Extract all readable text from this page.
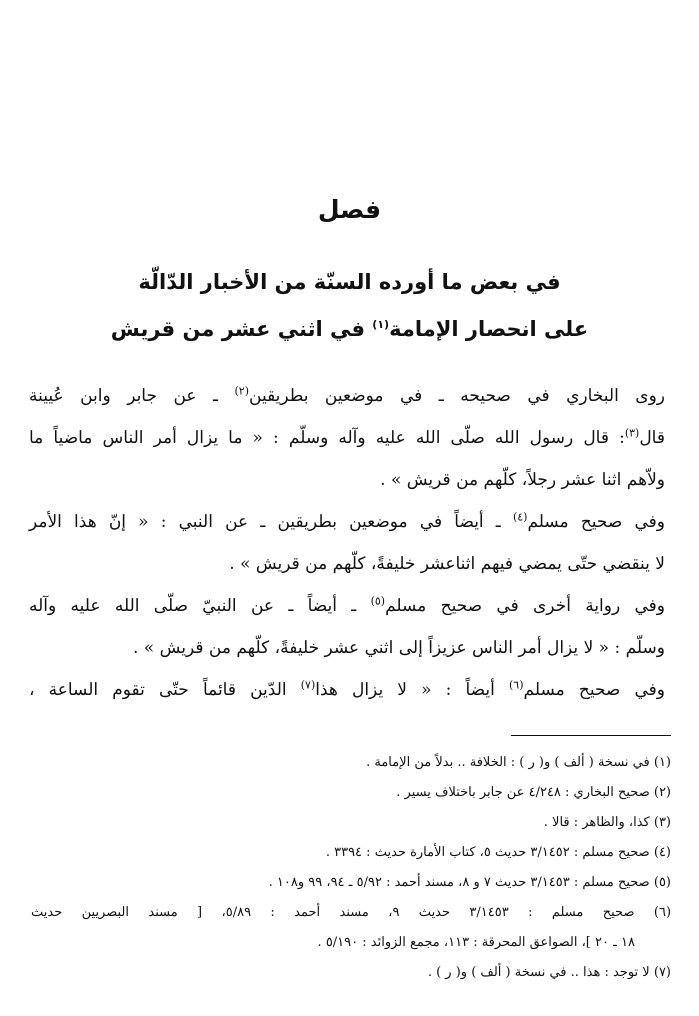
فصل
في بعض ما أورده السنّة من الأخبار الدّالّة
على انحصار الإمامة$^{(١)}$ في اثني عشر من قريش
روى البخاري في صحيحه ـ في موضعين بطريقين$^{(٢)}$ ـ عن جابر وابن عُيينة
قال$^{(٣)}$: قال رسول الله صلّى الله عليه وآله وسلّم : « ما يزال أمر الناس ماضياً ما
ولاّهم اثنا عشر رجلاً، كلّهم من قريش » .
وفي صحيح مسلم$^{(٤)}$ ـ أيضاً في موضعين بطريقين ـ عن النبي : « إنّ هذا الأمر
لا ينقضي حتّى يمضي فيهم اثناعشر خليفةً، كلّهم من قريش » .
وفي رواية أخرى في صحيح مسلم$^{(٥)}$ ـ أيضاً ـ عن النبيّ صلّى الله عليه وآله
وسلّم : « لا يزال أمر الناس عزيزاً إلى اثني عشر خليفةً، كلّهم من قريش » .
وفي صحيح مسلم$^{(٦)}$ أيضاً : « لا يزال هذا$^{(٧)}$ الدّين قائماً حتّى تقوم الساعة ،
(١) في نسخة ( ألف ) و( ر ) : الخلافة .. بدلاً من الإمامة .
(٢) صحيح البخاري : ٤/٢٤٨ عن جابر باختلاف يسير .
(٣) كذا، والظاهر : قالا .
(٤) صحيح مسلم : ٣/١٤٥٢ حديث ٥، كتاب الأمارة حديث : ٣٣٩٤ .
(٥) صحيح مسلم : ٣/١٤٥٣ حديث ٧ و ٨، مسند أحمد : ٥/٩٢ ـ ٩٤، ٩٩ و١٠٨ .
(٦) صحيح مسلم : ٣/١٤٥٣ حديث ٩، مسند أحمد : ٥/٨٩، [ مسند البصريين حديث
١٨ ـ ٢٠ ]، الصواعق المحرقة : ١١٣، مجمع الزوائد : ٥/١٩٠ .
(٧) لا توجد : هذا .. في نسخة ( ألف ) و( ر ) .
